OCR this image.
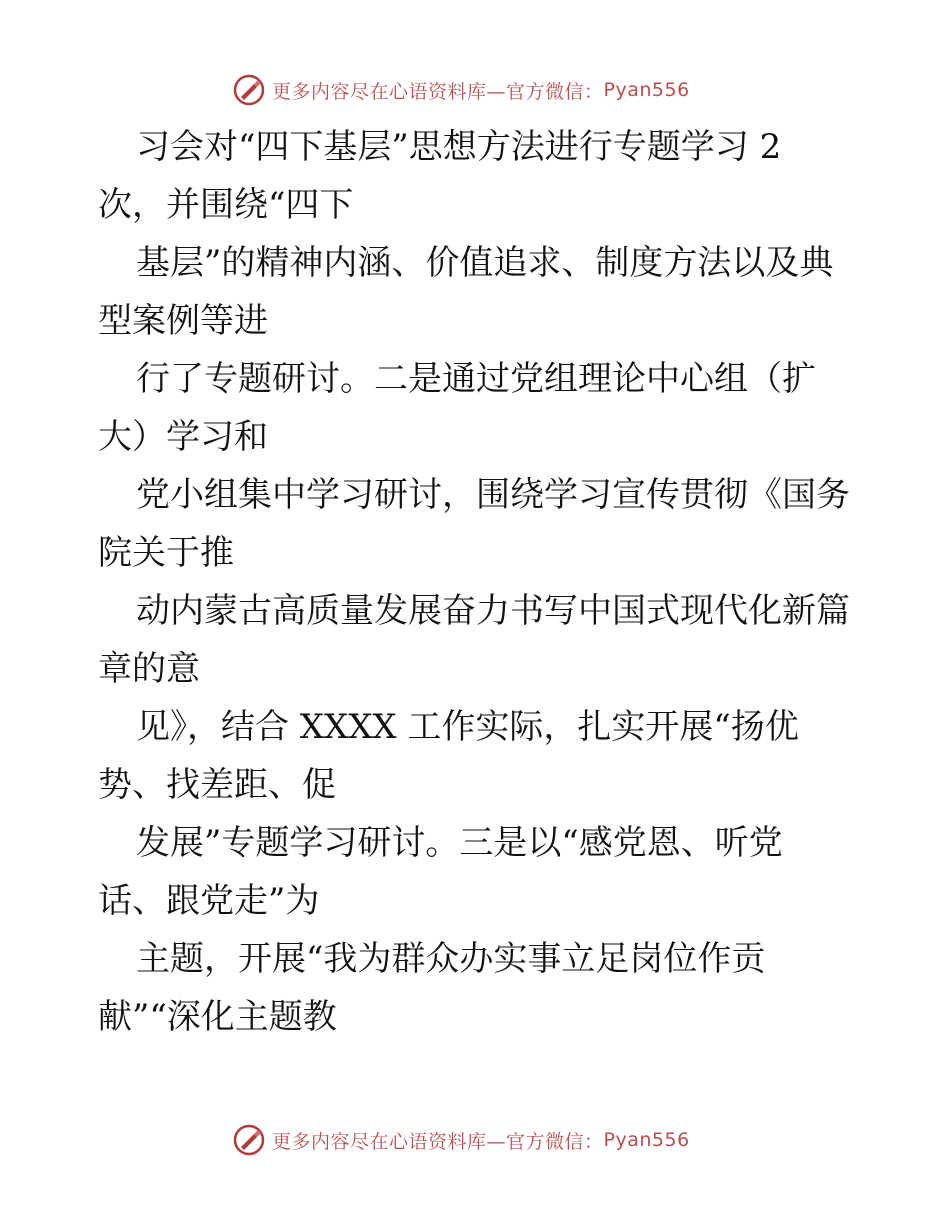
更多内容尽在心语资料库—官方微信： Pyan556
习会对“四下基层”思想方法进行专题学习 2
次，并围绕“四下
基层”的精神内涵、价值追求、制度方法以及典
型案例等进
行了专题研讨。二是通过党组理论中心组（扩
大）学习和
党小组集中学习研讨，围绕学习宣传贯彻《国务
院关于推
动内蒙古高质量发展奋力书写中国式现代化新篇
章的意
见》，结合 XXXX 工作实际，扎实开展“扬优
势、找差距、促
发展”专题学习研讨。三是以“感党恩、听党
话、跟党走”为
主题，开展“我为群众办实事立足岗位作贡
献”“深化主题教
更多内容尽在心语资料库—官方微信： Pyan556
